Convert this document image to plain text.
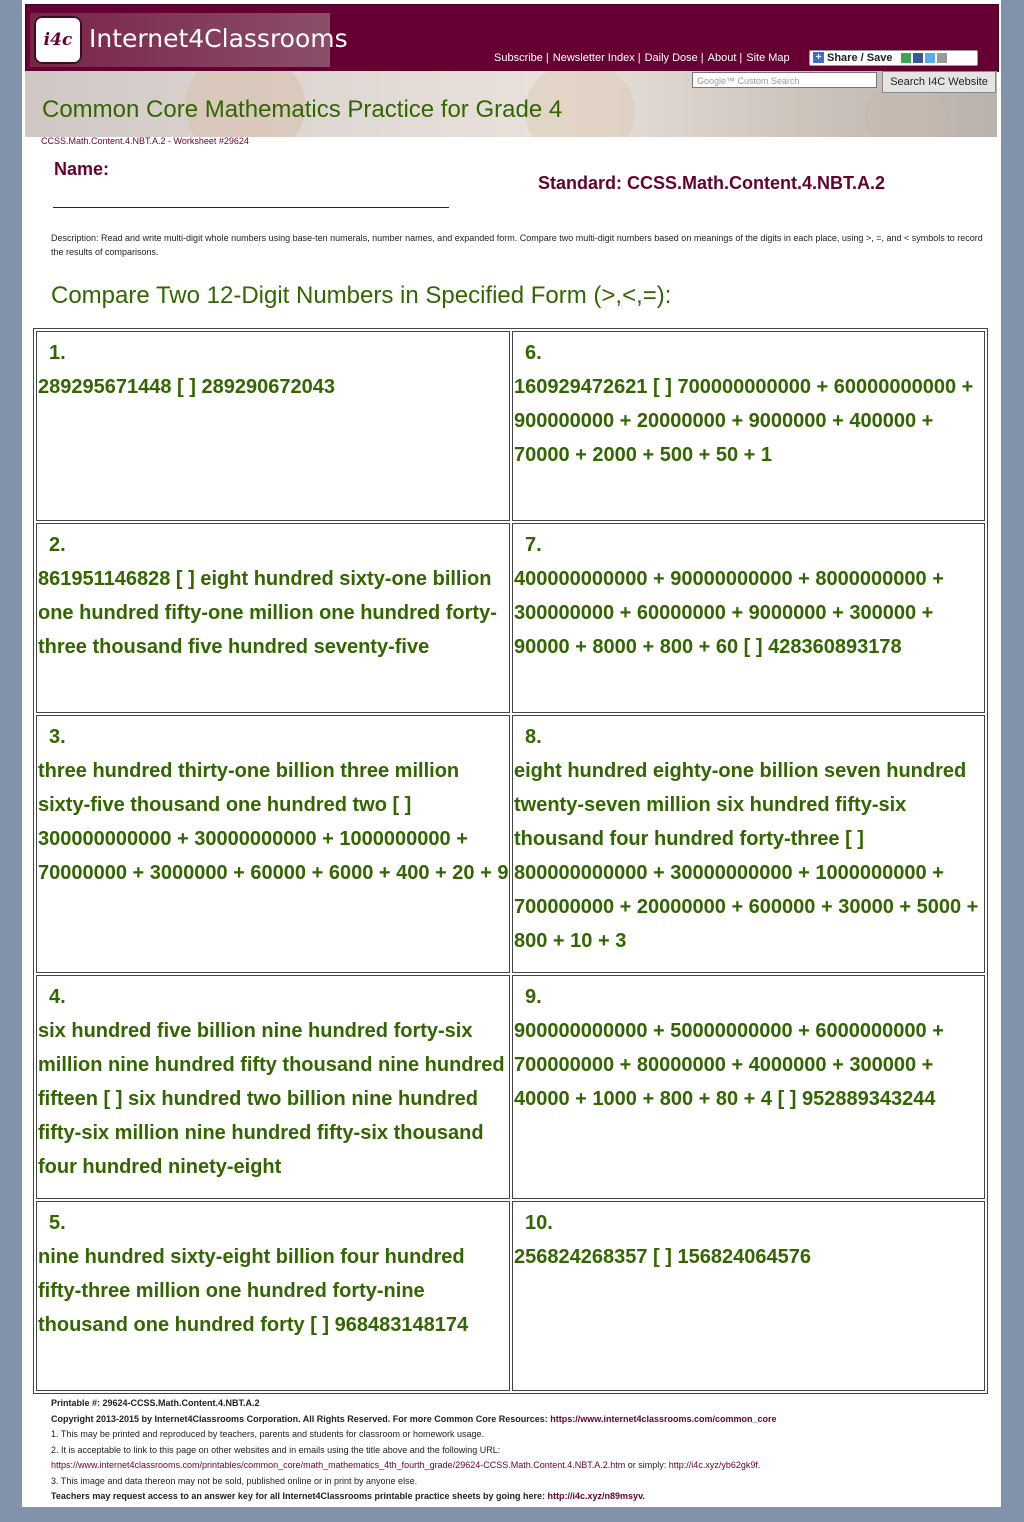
i4c Internet4Classrooms
Subscribe | Newsletter Index | Daily Dose | About | Site Map	+ Share / Save
Google™ Custom Search	Search I4C Website
Common Core Mathematics Practice for Grade 4
CCSS.Math.Content.4.NBT.A.2 - Worksheet #29624
Name:
Standard: CCSS.Math.Content.4.NBT.A.2
Description: Read and write multi-digit whole numbers using base-ten numerals, number names, and expanded form. Compare two multi-digit numbers based on meanings of the digits in each place, using >, =, and < symbols to record the results of comparisons.
Compare Two 12-Digit Numbers in Specified Form (>,<,=):
1.
289295671448 [ ] 289290672043
2.
861951146828 [ ] eight hundred sixty-one billion one hundred fifty-one million one hundred forty-three thousand five hundred seventy-five
3.
three hundred thirty-one billion three million sixty-five thousand one hundred two [ ] 300000000000 + 30000000000 + 1000000000 + 70000000 + 3000000 + 60000 + 6000 + 400 + 20 + 9
4.
six hundred five billion nine hundred forty-six million nine hundred fifty thousand nine hundred fifteen [ ] six hundred two billion nine hundred fifty-six million nine hundred fifty-six thousand four hundred ninety-eight
5.
nine hundred sixty-eight billion four hundred fifty-three million one hundred forty-nine thousand one hundred forty [ ] 968483148174
6.
160929472621 [ ] 700000000000 + 60000000000 + 900000000 + 20000000 + 9000000 + 400000 + 70000 + 2000 + 500 + 50 + 1
7.
400000000000 + 90000000000 + 8000000000 + 300000000 + 60000000 + 9000000 + 300000 + 90000 + 8000 + 800 + 60 [ ] 428360893178
8.
eight hundred eighty-one billion seven hundred twenty-seven million six hundred fifty-six thousand four hundred forty-three [ ] 800000000000 + 30000000000 + 1000000000 + 700000000 + 20000000 + 600000 + 30000 + 5000 + 800 + 10 + 3
9.
900000000000 + 50000000000 + 6000000000 + 700000000 + 80000000 + 4000000 + 300000 + 40000 + 1000 + 800 + 80 + 4 [ ] 952889343244
10.
256824268357 [ ] 156824064576
Printable #: 29624-CCSS.Math.Content.4.NBT.A.2
Copyright 2013-2015 by Internet4Classrooms Corporation. All Rights Reserved. For more Common Core Resources: https://www.internet4classrooms.com/common_core
1. This may be printed and reproduced by teachers, parents and students for classroom or homework usage.
2. It is acceptable to link to this page on other websites and in emails using the title above and the following URL:
https://www.internet4classrooms.com/printables/common_core/math_mathematics_4th_fourth_grade/29624-CCSS.Math.Content.4.NBT.A.2.htm or simply: http://i4c.xyz/yb62gk9f.
3. This image and data thereon may not be sold, published online or in print by anyone else.
Teachers may request access to an answer key for all Internet4Classrooms printable practice sheets by going here: http://i4c.xyz/n89msyv.
